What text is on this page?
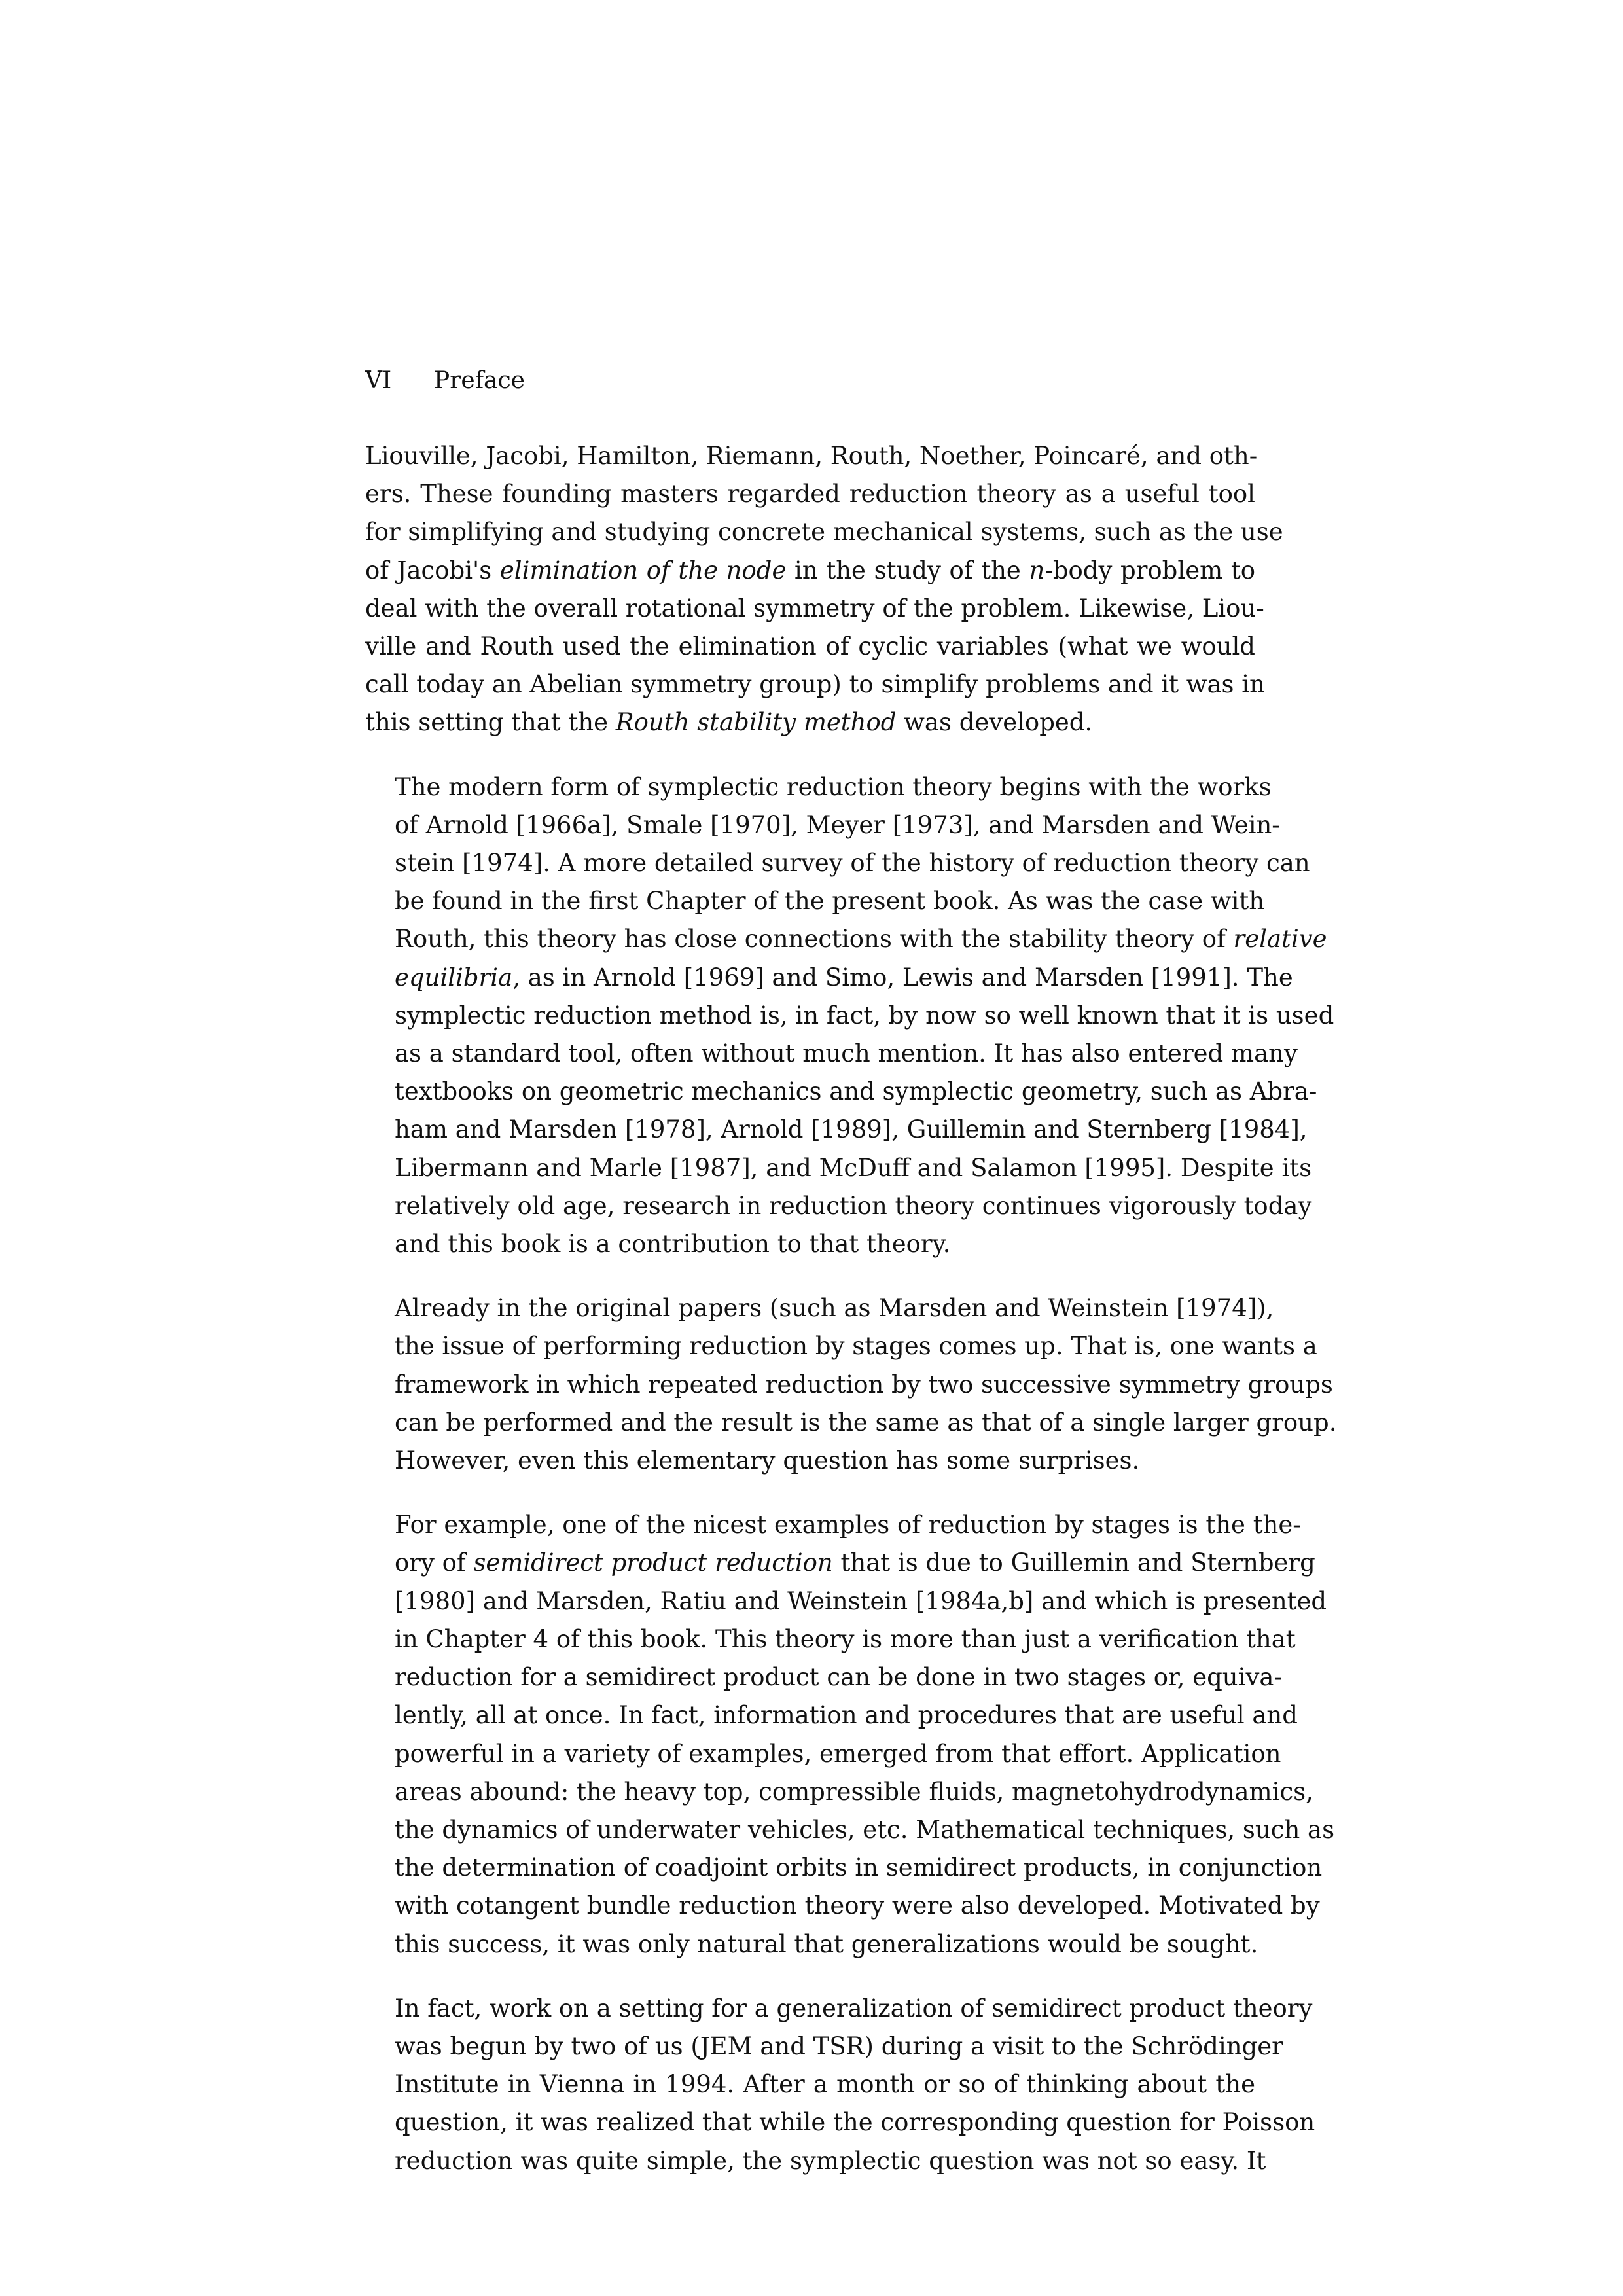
VI Preface
Liouville, Jacobi, Hamilton, Riemann, Routh, Noether, Poincaré, and oth-
ers. These founding masters regarded reduction theory as a useful tool
for simplifying and studying concrete mechanical systems, such as the use
of Jacobi's elimination of the node in the study of the n-body problem to
deal with the overall rotational symmetry of the problem. Likewise, Liou-
ville and Routh used the elimination of cyclic variables (what we would
call today an Abelian symmetry group) to simplify problems and it was in
this setting that the Routh stability method was developed.
The modern form of symplectic reduction theory begins with the works
of Arnold [1966a], Smale [1970], Meyer [1973], and Marsden and Wein-
stein [1974]. A more detailed survey of the history of reduction theory can
be found in the first Chapter of the present book. As was the case with
Routh, this theory has close connections with the stability theory of relative
equilibria, as in Arnold [1969] and Simo, Lewis and Marsden [1991]. The
symplectic reduction method is, in fact, by now so well known that it is used
as a standard tool, often without much mention. It has also entered many
textbooks on geometric mechanics and symplectic geometry, such as Abra-
ham and Marsden [1978], Arnold [1989], Guillemin and Sternberg [1984],
Libermann and Marle [1987], and McDuff and Salamon [1995]. Despite its
relatively old age, research in reduction theory continues vigorously today
and this book is a contribution to that theory.
Already in the original papers (such as Marsden and Weinstein [1974]),
the issue of performing reduction by stages comes up. That is, one wants a
framework in which repeated reduction by two successive symmetry groups
can be performed and the result is the same as that of a single larger group.
However, even this elementary question has some surprises.
For example, one of the nicest examples of reduction by stages is the the-
ory of semidirect product reduction that is due to Guillemin and Sternberg
[1980] and Marsden, Ratiu and Weinstein [1984a,b] and which is presented
in Chapter 4 of this book. This theory is more than just a verification that
reduction for a semidirect product can be done in two stages or, equiva-
lently, all at once. In fact, information and procedures that are useful and
powerful in a variety of examples, emerged from that effort. Application
areas abound: the heavy top, compressible fluids, magnetohydrodynamics,
the dynamics of underwater vehicles, etc. Mathematical techniques, such as
the determination of coadjoint orbits in semidirect products, in conjunction
with cotangent bundle reduction theory were also developed. Motivated by
this success, it was only natural that generalizations would be sought.
In fact, work on a setting for a generalization of semidirect product theory
was begun by two of us (JEM and TSR) during a visit to the Schrödinger
Institute in Vienna in 1994. After a month or so of thinking about the
question, it was realized that while the corresponding question for Poisson
reduction was quite simple, the symplectic question was not so easy. It
